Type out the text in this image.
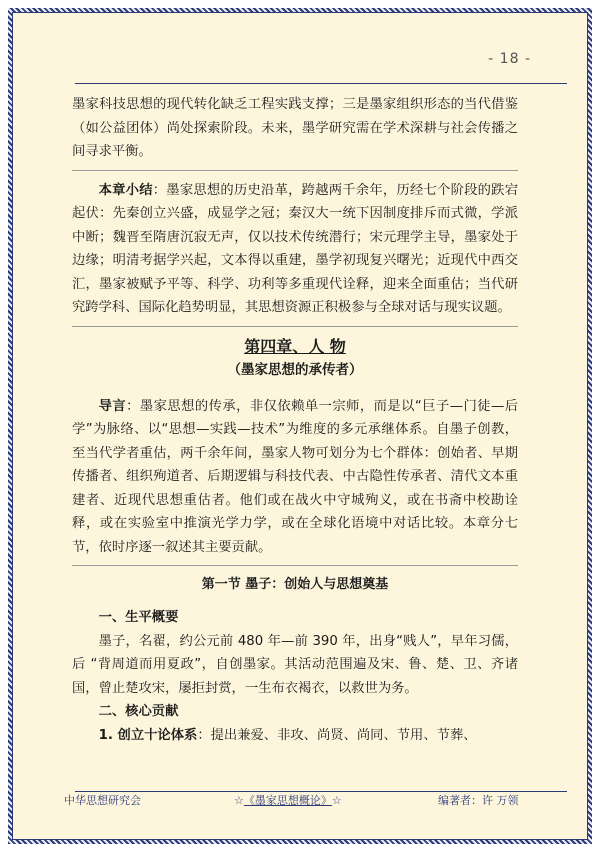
- 18 -

墨家科技思想的现代转化缺乏工程实践支撑；三是墨家组织形态的当代借鉴（如公益团体）尚处探索阶段。未来，墨学研究需在学术深耕与社会传播之间寻求平衡。

本章小结：墨家思想的历史沿革，跨越两千余年，历经七个阶段的跌宕起伏：先秦创立兴盛，成显学之冠；秦汉大一统下因制度排斥而式微，学派中断；魏晋至隋唐沉寂无声，仅以技术传统潜行；宋元理学主导，墨家处于边缘；明清考据学兴起，文本得以重建，墨学初现复兴曙光；近现代中西交汇，墨家被赋予平等、科学、功利等多重现代诠释，迎来全面重估；当代研究跨学科、国际化趋势明显，其思想资源正积极参与全球对话与现实议题。

第四章、人 物
（墨家思想的承传者）

导言：墨家思想的传承，非仅依赖单一宗师，而是以“巨子—门徒—后学”为脉络、以“思想—实践—技术”为维度的多元承继体系。自墨子创教，至当代学者重估，两千余年间，墨家人物可划分为七个群体：创始者、早期传播者、组织殉道者、后期逻辑与科技代表、中古隐性传承者、清代文本重建者、近现代思想重估者。他们或在战火中守城殉义，或在书斋中校勘诠释，或在实验室中推演光学力学，或在全球化语境中对话比较。本章分七节，依时序逐一叙述其主要贡献。

第一节 墨子：创始人与思想奠基

一、生平概要

墨子，名翟，约公元前 480 年—前 390 年，出身“贱人”，早年习儒，后 “背周道而用夏政”，自创墨家。其活动范围遍及宋、鲁、楚、卫、齐诸国，曾止楚攻宋，屡拒封赏，一生布衣褐衣，以救世为务。

二、核心贡献

1. 创立十论体系：提出兼爱、非攻、尚贤、尚同、节用、节葬、

中华思想研究会	☆《墨家思想概论》☆	编著者：许 万领
